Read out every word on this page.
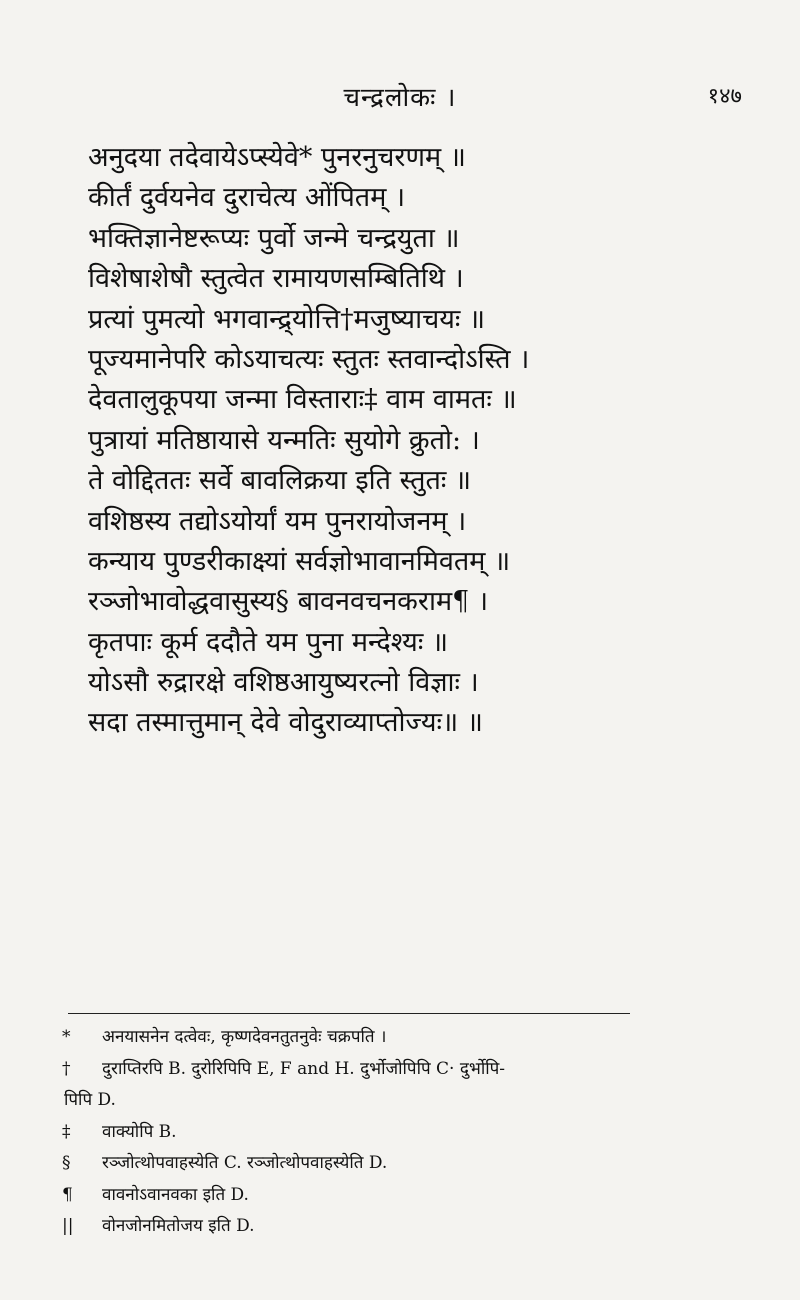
चन्द्रलोकः ।	१४७
अनुदया तदेवायेऽप्स्येवे* पुनरनुचरणम् ॥
कीर्तं दुर्वयनेव दुराचेत्य ओंपितम् ।
भक्तिज्ञानेष्टरूप्यः पुर्वो जन्मे चन्द्रयुता ॥
विशेषाशेषौ स्तुत्वेत रामायणसम्बितिथि ।
प्रत्यां पुमत्यो भगवान्द्र्योत्ति†मजुष्याचयः ॥
पूज्यमानेपरि कोऽयाचत्यः स्तुतः स्तवान्दोऽस्ति ।
देवतालुकूपया जन्मा विस्ताराः‡ वाम वामतः ॥
पुत्रायां मतिष्ठायासे यन्मतिः सुयोगे क्रुतो: ।
ते वोद्दिततः सर्वे बावलिक्रया इति स्तुतः ॥
वशिष्ठस्य तद्योऽयोर्यां यम पुनरायोजनम् ।
कन्याय पुण्डरीकाक्ष्यां सर्वज्ञोभावानमिवतम् ॥
रञ्जोभावोद्धवासुस्य§ बावनवचनकराम¶ ।
कृतपाः कूर्म ददौते यम पुना मन्देश्यः ॥
योऽसौ रुद्रारक्षे वशिष्ठआयुष्यरत्नो विज्ञाः ।
सदा तस्मात्तुमान् देवे वोदुराव्याप्तोज्यः॥ ॥
* अनयासनेन दत्वेवः, कृष्णदेवनतुतनुवेः चक्रपति ।
† दुराप्तिरपि B. दुरोरिपिपि E, F and H. दुर्भोजोपिपि C· दुर्भोपि-
पिपि D.
‡ वाक्योपि B.
§ रञ्जोत्थोपवाहस्येति C. रञ्जोत्थोपवाहस्येति D.
¶ वावनोऽवानवका इति D.
|| वोनजोनमितोजय इति D.
